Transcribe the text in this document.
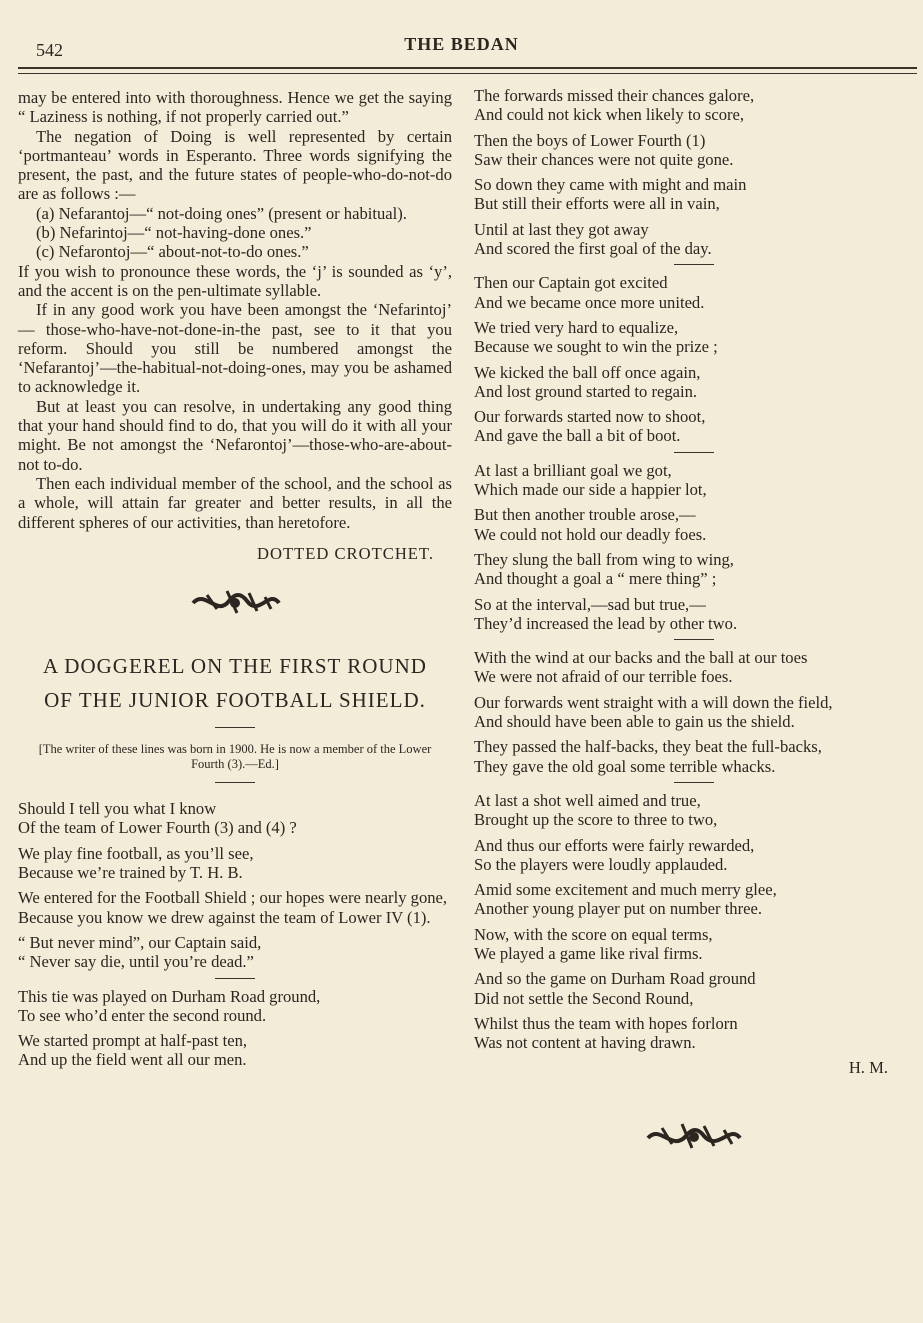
542	THE BEDAN

may be entered into with thoroughness. Hence we get the saying “ Laziness is nothing, if not properly carried out.”

The negation of Doing is well represented by certain ‘portmanteau’ words in Esperanto. Three words signifying the present, the past, and the future states of people-who-do-not-do are as follows :—

(a) Nefarantoj—“ not-doing ones” (present or habitual).

(b) Nefarintoj—“ not-having-done ones.”

(c) Nefarontoj—“ about-not-to-do ones.”

If you wish to pronounce these words, the ‘j’ is sounded as ‘y’, and the accent is on the pen-ultimate syllable.

If in any good work you have been amongst the ‘Nefarintoj’ — those-who-have-not-done-in-the past, see to it that you reform. Should you still be numbered amongst the ‘Nefarantoj’—the-habitual-not-doing-ones, may you be ashamed to acknowledge it.

But at least you can resolve, in undertaking any good thing that your hand should find to do, that you will do it with all your might. Be not amongst the ‘Nefarontoj’—those-who-are-about-not to-do.

Then each individual member of the school, and the school as a whole, will attain far greater and better results, in all the different spheres of our activities, than heretofore.

DOTTED CROTCHET.
A DOGGEREL ON THE FIRST ROUND
OF THE JUNIOR FOOTBALL SHIELD.
[The writer of these lines was born in 1900. He is now a member of the Lower Fourth (3).—Ed.]

Should I tell you what I know

Of the team of Lower Fourth (3) and (4) ?

We play fine football, as you’ll see,

Because we’re trained by T. H. B.

We entered for the Football Shield ; our hopes were nearly gone,

Because you know we drew against the team of Lower IV (1).

“ But never mind”, our Captain said,

“ Never say die, until you’re dead.”

This tie was played on Durham Road ground,

To see who’d enter the second round.

We started prompt at half-past ten,

And up the field went all our men.

The forwards missed their chances galore,

And could not kick when likely to score,

Then the boys of Lower Fourth (1)

Saw their chances were not quite gone.

So down they came with might and main

But still their efforts were all in vain,

Until at last they got away

And scored the first goal of the day.

Then our Captain got excited

And we became once more united.

We tried very hard to equalize,

Because we sought to win the prize ;

We kicked the ball off once again,

And lost ground started to regain.

Our forwards started now to shoot,

And gave the ball a bit of boot.

At last a brilliant goal we got,

Which made our side a happier lot,

But then another trouble arose,—

We could not hold our deadly foes.

They slung the ball from wing to wing,

And thought a goal a “ mere thing” ;

So at the interval,—sad but true,—

They’d increased the lead by other two.

With the wind at our backs and the ball at our toes

We were not afraid of our terrible foes.

Our forwards went straight with a will down the field,

And should have been able to gain us the shield.

They passed the half-backs, they beat the full-backs,

They gave the old goal some terrible whacks.

At last a shot well aimed and true,

Brought up the score to three to two,

And thus our efforts were fairly rewarded,

So the players were loudly applauded.

Amid some excitement and much merry glee,

Another young player put on number three.

Now, with the score on equal terms,

We played a game like rival firms.

And so the game on Durham Road ground

Did not settle the Second Round,

Whilst thus the team with hopes forlorn

Was not content at having drawn.

H. M.
